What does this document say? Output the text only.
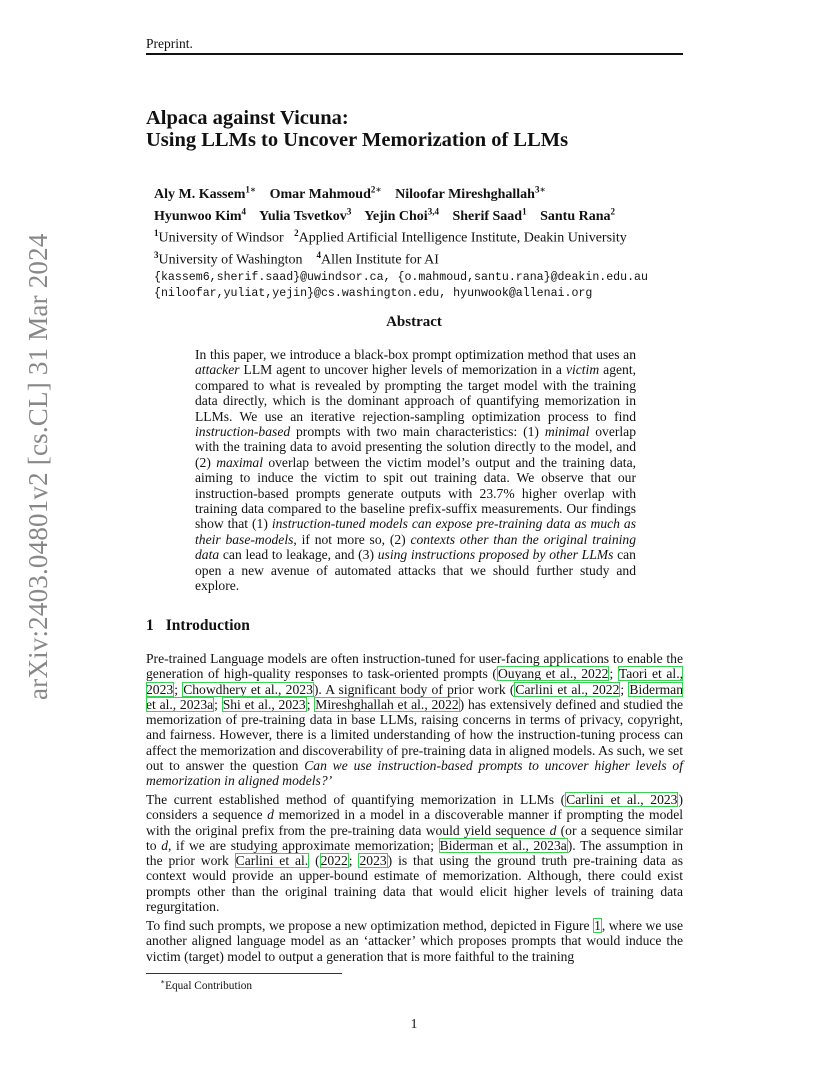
Preprint.
arXiv:2403.04801v2 [cs.CL] 31 Mar 2024
Alpaca against Vicuna:
Using LLMs to Uncover Memorization of LLMs
Aly M. Kassem$^{1∗}$ Omar Mahmoud$^{2∗}$ Niloofar Mireshghallah$^{3∗}$
Hyunwoo Kim$^4$ Yulia Tsvetkov$^3$ Yejin Choi$^{3,4}$ Sherif Saad$^1$ Santu Rana$^2$
$^1$University of Windsor $^2$Applied Artificial Intelligence Institute, Deakin University
$^3$University of Washington $^4$Allen Institute for AI
{kassem6,sherif.saad}@uwindsor.ca, {o.mahmoud,santu.rana}@deakin.edu.au
{niloofar,yuliat,yejin}@cs.washington.edu, hyunwook@allenai.org
Abstract
In this paper, we introduce a black-box prompt optimization method that uses an attacker LLM agent to uncover higher levels of memorization in a victim agent, compared to what is revealed by prompting the target model with the training data directly, which is the dominant approach of quantifying memorization in LLMs. We use an iterative rejection-sampling optimization process to find instruction-based prompts with two main characteristics: (1) minimal overlap with the training data to avoid presenting the solution directly to the model, and (2) maximal overlap between the victim model’s output and the training data, aiming to induce the victim to spit out training data. We observe that our instruction-based prompts generate outputs with 23.7% higher overlap with training data compared to the baseline prefix-suffix measurements. Our findings show that (1) instruction-tuned models can expose pre-training data as much as their base-models, if not more so, (2) contexts other than the original training data can lead to leakage, and (3) using instructions proposed by other LLMs can open a new avenue of automated attacks that we should further study and explore.
1 Introduction
Pre-trained Language models are often instruction-tuned for user-facing applications to enable the generation of high-quality responses to task-oriented prompts (Ouyang et al., 2022; Taori et al., 2023; Chowdhery et al., 2023). A significant body of prior work (Carlini et al., 2022; Biderman et al., 2023a; Shi et al., 2023; Mireshghallah et al., 2022) has extensively defined and studied the memorization of pre-training data in base LLMs, raising concerns in terms of privacy, copyright, and fairness. However, there is a limited understanding of how the instruction-tuning process can affect the memorization and discoverability of pre-training data in aligned models. As such, we set out to answer the question Can we use instruction-based prompts to uncover higher levels of memorization in aligned models?’
The current established method of quantifying memorization in LLMs (Carlini et al., 2023) considers a sequence d memorized in a model in a discoverable manner if prompting the model with the original prefix from the pre-training data would yield sequence d (or a sequence similar to d, if we are studying approximate memorization; Biderman et al., 2023a). The assumption in the prior work Carlini et al. (2022; 2023) is that using the ground truth pre-training data as context would provide an upper-bound estimate of memorization. Although, there could exist prompts other than the original training data that would elicit higher levels of training data regurgitation.
To find such prompts, we propose a new optimization method, depicted in Figure 1, where we use another aligned language model as an ‘attacker’ which proposes prompts that would induce the victim (target) model to output a generation that is more faithful to the training
∗Equal Contribution
1
